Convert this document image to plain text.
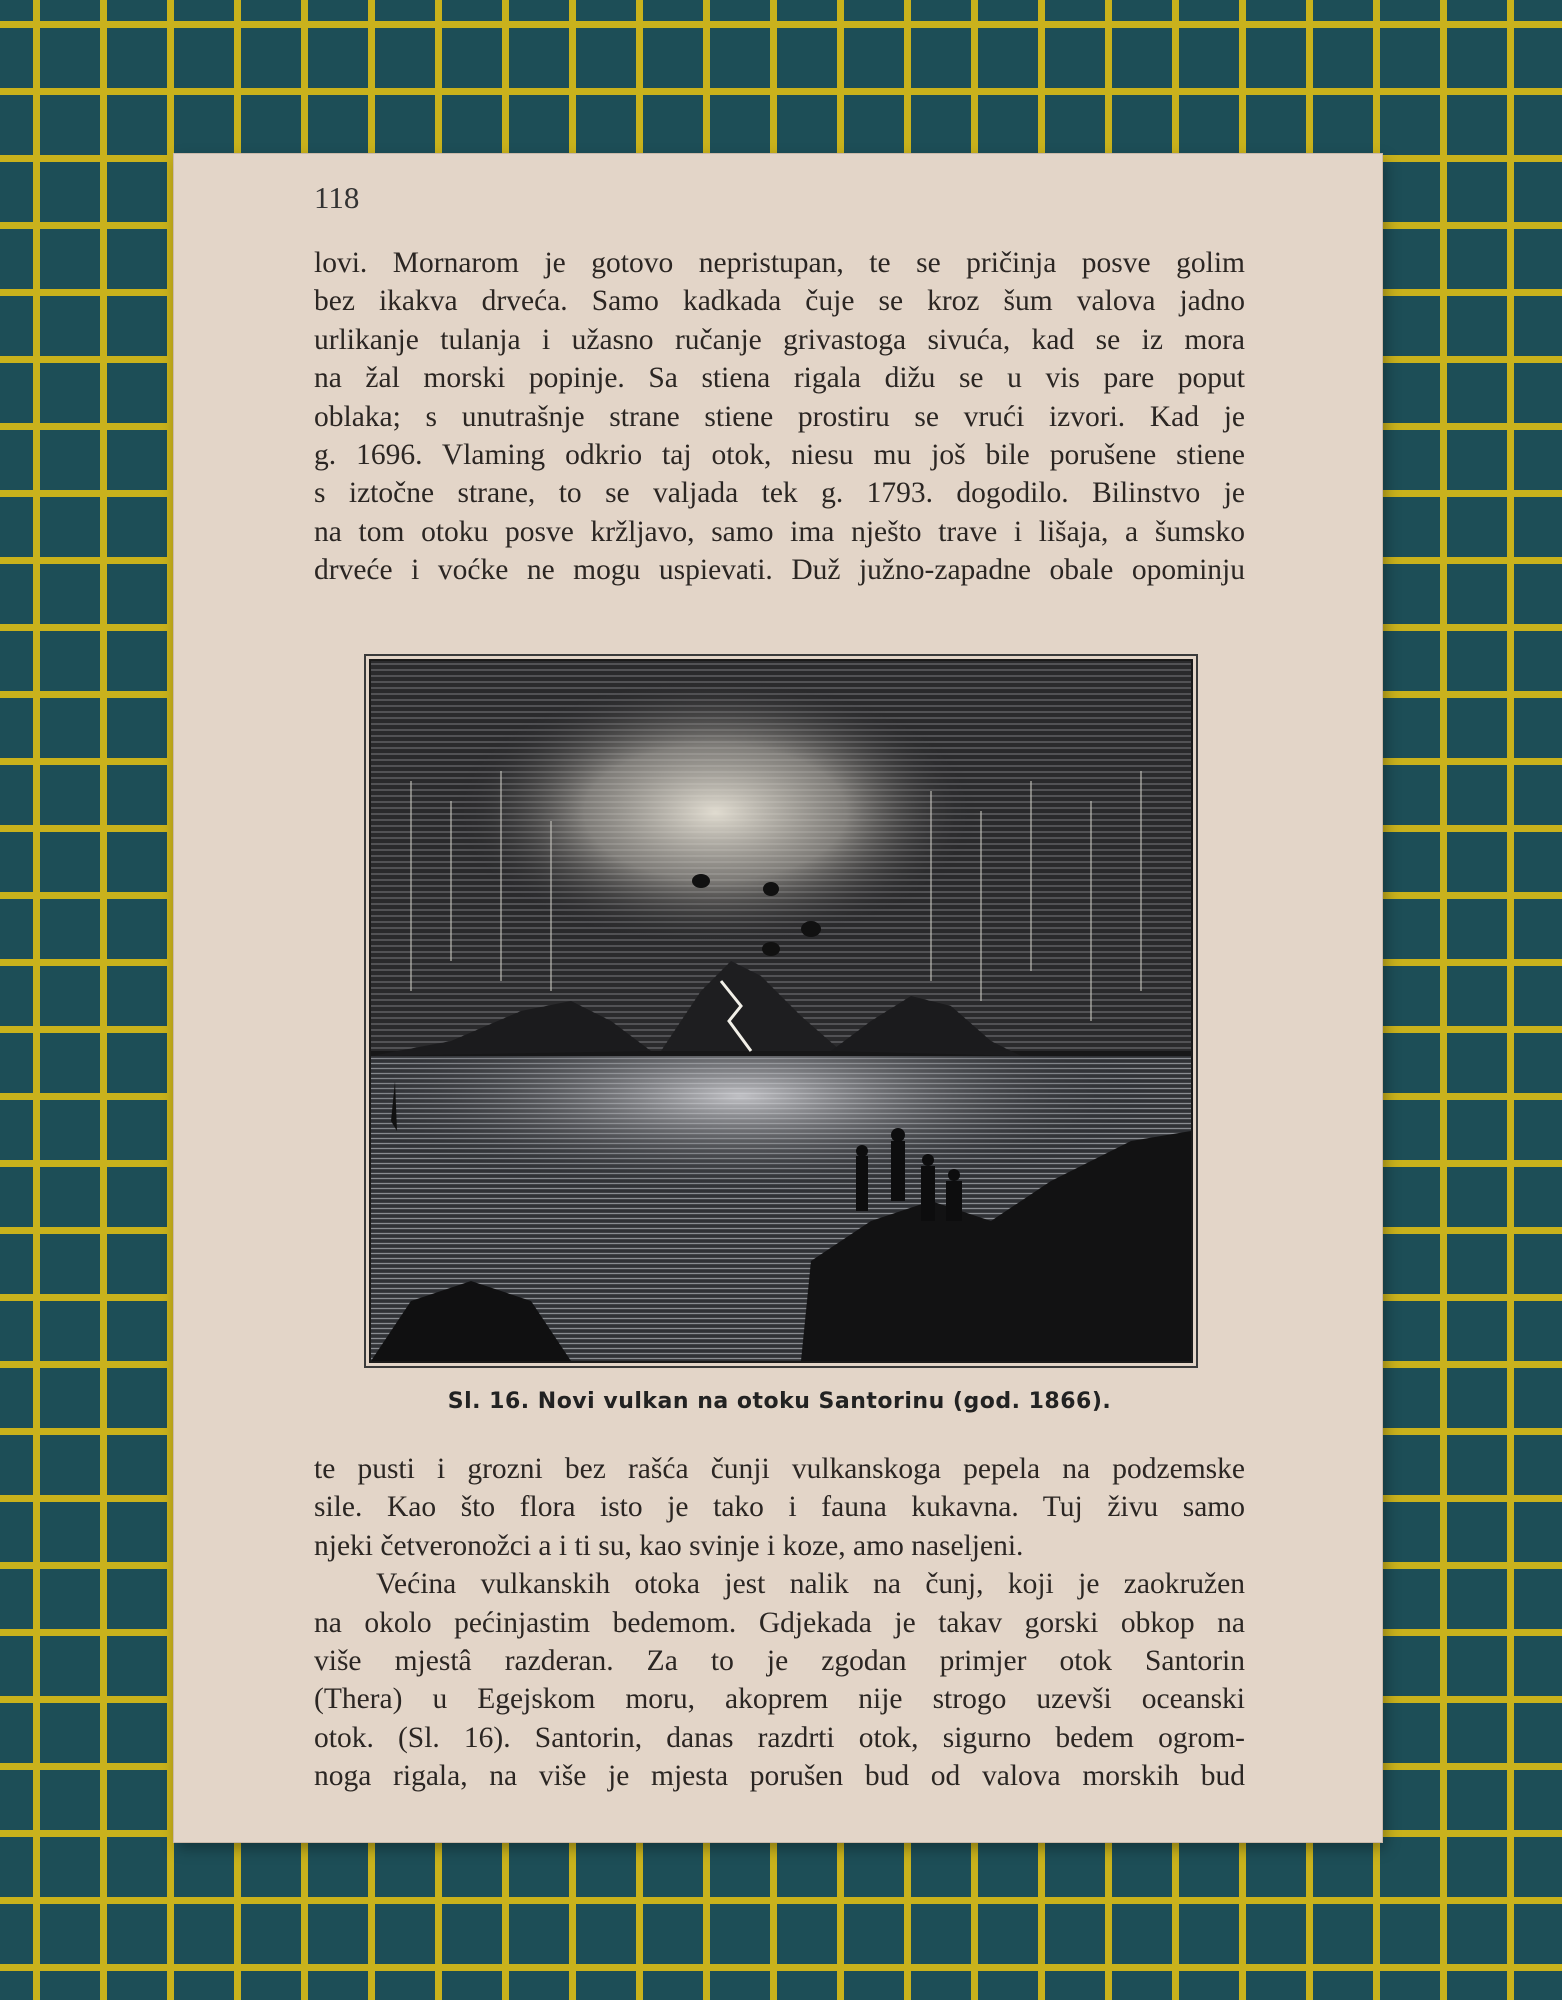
118
lovi. Mornarom je gotovo nepristupan, te se pričinja posve golim
bez ikakva drveća. Samo kadkada čuje se kroz šum valova jadno
urlikanje tulanja i užasno ručanje grivastoga sivuća, kad se iz mora
na žal morski popinje. Sa stiena rigala dižu se u vis pare poput
oblaka; s unutrašnje strane stiene prostiru se vrući izvori. Kad je
g. 1696. Vlaming odkrio taj otok, niesu mu još bile porušene stiene
s iztočne strane, to se valjada tek g. 1793. dogodilo. Bilinstvo je
na tom otoku posve kržljavo, samo ima nješto trave i lišaja, a šumsko
drveće i voćke ne mogu uspievati. Duž južno-zapadne obale opominju
Sl. 16. Novi vulkan na otoku Santorinu (god. 1866).
te pusti i grozni bez rašća čunji vulkanskoga pepela na podzemske
sile. Kao što flora isto je tako i fauna kukavna. Tuj živu samo
njeki četveronožci a i ti su, kao svinje i koze, amo naseljeni.
Većina vulkanskih otoka jest nalik na čunj, koji je zaokružen
na okolo pećinjastim bedemom. Gdjekada je takav gorski obkop na
više mjestâ razderan. Za to je zgodan primjer otok Santorin
(Thera) u Egejskom moru, akoprem nije strogo uzevši oceanski
otok. (Sl. 16). Santorin, danas razdrti otok, sigurno bedem ogrom-
noga rigala, na više je mjesta porušen bud od valova morskih bud
